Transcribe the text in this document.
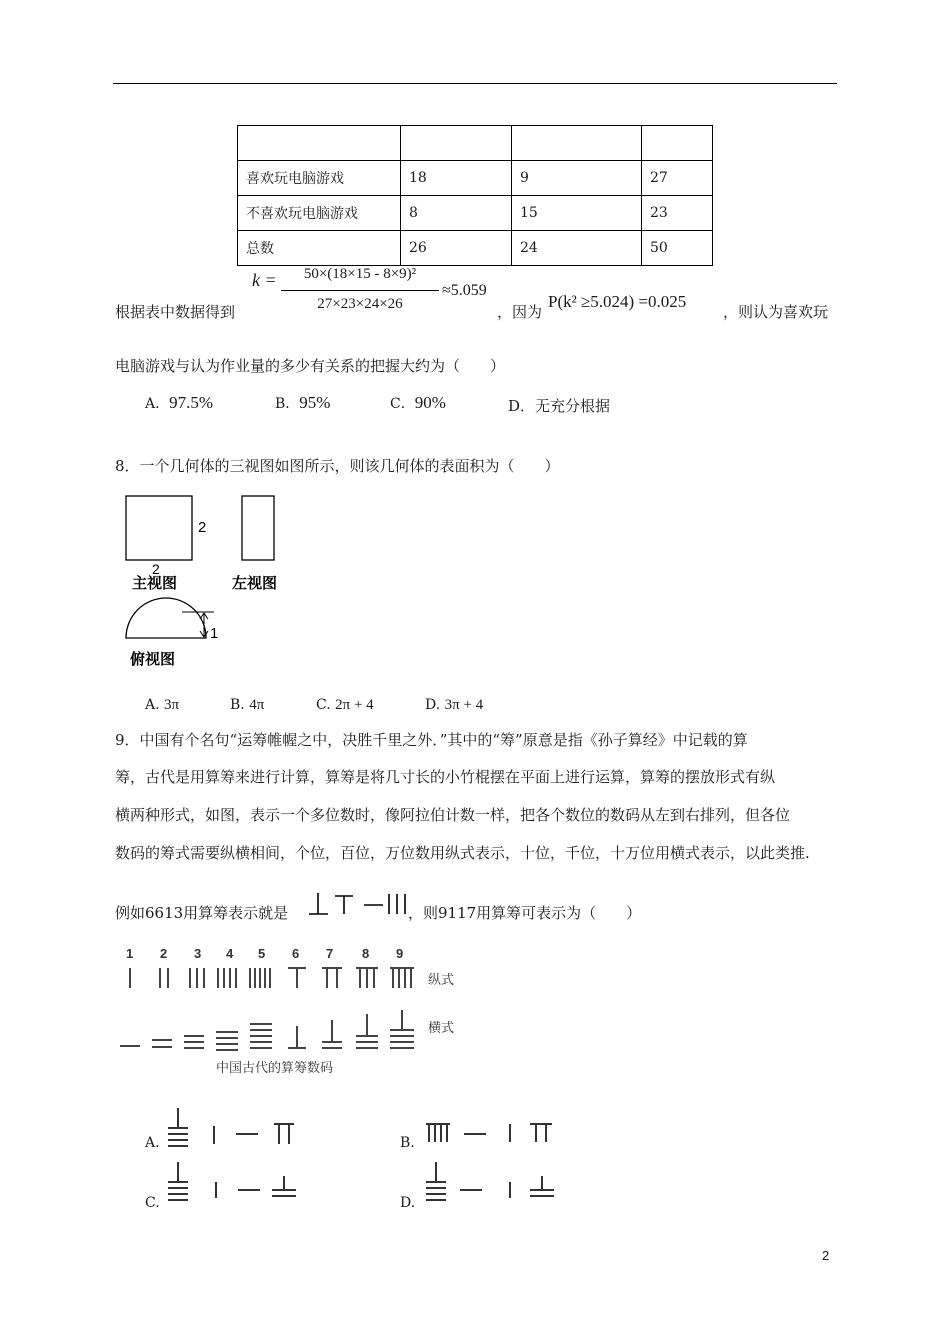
喜欢玩电脑游戏	18	9	27
不喜欢玩电脑游戏	8	15	23
总数	26	24	50
根据表中数据得到
k =	50×(18×15 - 8×9)²
27×23×24×26
≈5.059
，因为
P(k² ≥5.024) =0.025
，则认为喜欢玩
电脑游戏与认为作业量的多少有关系的把握大约为（　　）
A．97.5%	B．95%	C．90%	D．无充分根据
8．一个几何体的三视图如图所示，则该几何体的表面积为（　　）
2
2
主视图	左视图
1
俯视图
A. 3π	B. 4π	C. 2π + 4	D. 3π + 4
9．中国有个名句“运筹帷幄之中，决胜千里之外．”其中的“筹”原意是指《孙子算经》中记载的算
筹，古代是用算筹来进行计算，算筹是将几寸长的小竹棍摆在平面上进行运算，算筹的摆放形式有纵
横两种形式，如图，表示一个多位数时，像阿拉伯计数一样，把各个数位的数码从左到右排列，但各位
数码的筹式需要纵横相间，个位，百位，万位数用纵式表示，十位，千位，十万位用横式表示，以此类推.
例如6613用算筹表示就是	，则9117用算筹可表示为（　　）
1 2 3 4 5 6 7 8 9
纵式
横式
中国古代的算筹数码
A.	B.
C.	D.
2
